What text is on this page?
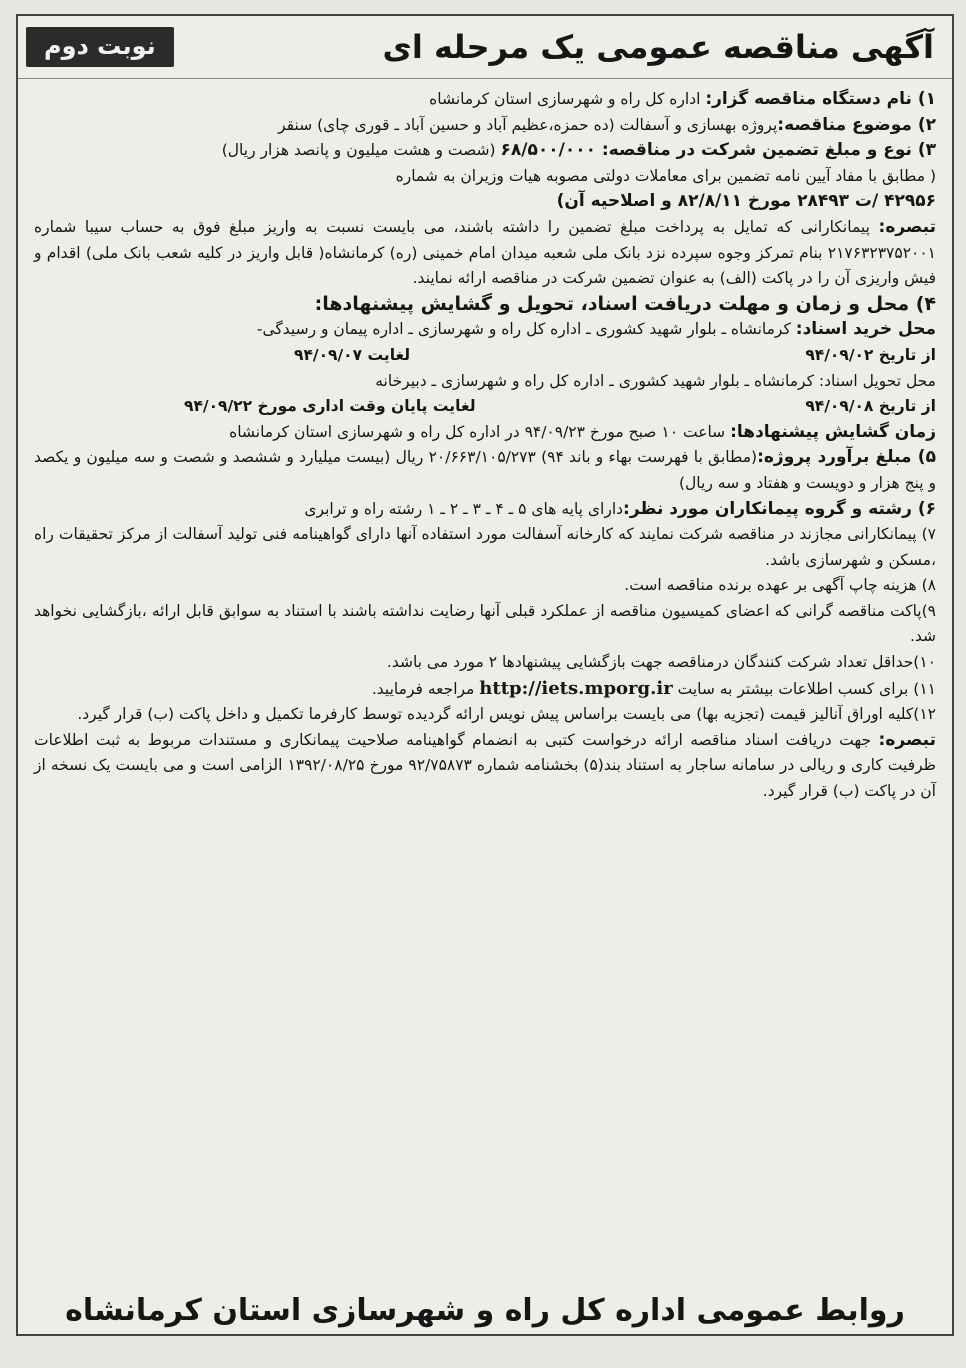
آگهی مناقصه عمومی یک مرحله ای
نوبت دوم

۱) نام دستگاه مناقصه گزار: اداره کل راه و شهرسازی استان کرمانشاه

۲) موضوع مناقصه:پروژه بهسازی و آسفالت (ده حمزه،عظیم آباد و حسین آباد ـ قوری چای) سنقر

۳) نوع و مبلغ تضمین شرکت در مناقصه: ۶۸/۵۰۰/۰۰۰ (شصت و هشت میلیون و پانصد هزار ریال)

( مطابق با مفاد آیین نامه تضمین برای معاملات دولتی مصوبه هیات وزیران به شماره

۴۲۹۵۶ /ت ۲۸۴۹۳ مورخ ۸۲/۸/۱۱ و اصلاحیه آن)

تبصره: پیمانکارانی که تمایل به پرداخت مبلغ تضمین را داشته باشند، می بایست نسبت به واریز مبلغ فوق به حساب سیبا شماره ۲۱۷۶۳۲۳۷۵۲۰۰۱ بنام تمرکز وجوه سپرده نزد بانک ملی شعبه میدان امام خمینی (ره) کرمانشاه( قابل واریز در کلیه شعب بانک ملی) اقدام و فیش واریزی آن را در پاکت (الف) به عنوان تضمین شرکت در مناقصه ارائه نمایند.

۴) محل و زمان و مهلت دریافت اسناد، تحویل و گشایش پیشنهادها:

محل خرید اسناد: کرمانشاه ـ بلوار شهید کشوری ـ اداره کل راه و شهرسازی ـ اداره پیمان و رسیدگی-

از تاریخ ۹۴/۰۹/۰۲
لغایت ۹۴/۰۹/۰۷

محل تحویل اسناد: کرمانشاه ـ بلوار شهید کشوری ـ اداره کل راه و شهرسازی ـ دبیرخانه

از تاریخ ۹۴/۰۹/۰۸
لغایت پایان وقت اداری مورخ ۹۴/۰۹/۲۲

زمان گشایش پیشنهادها: ساعت ۱۰ صبح مورخ ۹۴/۰۹/۲۳ در اداره کل راه و شهرسازی استان کرمانشاه

۵) مبلغ برآورد پروژه:(مطابق با فهرست بهاء و باند ۹۴) ۲۰/۶۶۳/۱۰۵/۲۷۳ ریال (بیست میلیارد و ششصد و شصت و سه میلیون و یکصد و پنج هزار و دویست و هفتاد و سه ریال)

۶) رشته و گروه پیمانکاران مورد نظر:دارای پایه های ۵ ـ ۴ ـ ۳ ـ ۲ ـ ۱ رشته راه و ترابری

۷) پیمانکارانی مجازند در مناقصه شرکت نمایند که کارخانه آسفالت مورد استفاده آنها دارای گواهینامه فنی تولید آسفالت از مرکز تحقیقات راه ،مسکن و شهرسازی باشد.

۸) هزینه چاپ آگهی بر عهده برنده مناقصه است.

۹)پاکت مناقصه گرانی که اعضای کمیسیون مناقصه از عملکرد قبلی آنها رضایت نداشته باشند با استناد به سوابق قابل ارائه ،بازگشایی نخواهد شد.

۱۰)حداقل تعداد شرکت کنندگان درمناقصه جهت بازگشایی پیشنهادها ۲ مورد می باشد.

۱۱) برای کسب اطلاعات بیشتر به سایت http://iets.mporg.ir مراجعه فرمایید.

۱۲)کلیه اوراق آنالیز قیمت (تجزیه بها) می بایست براساس پیش نویس ارائه گردیده توسط کارفرما تکمیل و داخل پاکت (ب) قرار گیرد.

تبصره: جهت دریافت اسناد مناقصه ارائه درخواست کتبی به انضمام گواهینامه صلاحیت پیمانکاری و مستندات مربوط به ثبت اطلاعات ظرفیت کاری و ریالی در سامانه ساجار به استناد بند(۵) بخشنامه شماره ۹۲/۷۵۸۷۳ مورخ ۱۳۹۲/۰۸/۲۵ الزامی است و می بایست یک نسخه از آن در پاکت (ب) قرار گیرد.

روابط عمومی اداره کل راه و شهرسازی استان کرمانشاه
